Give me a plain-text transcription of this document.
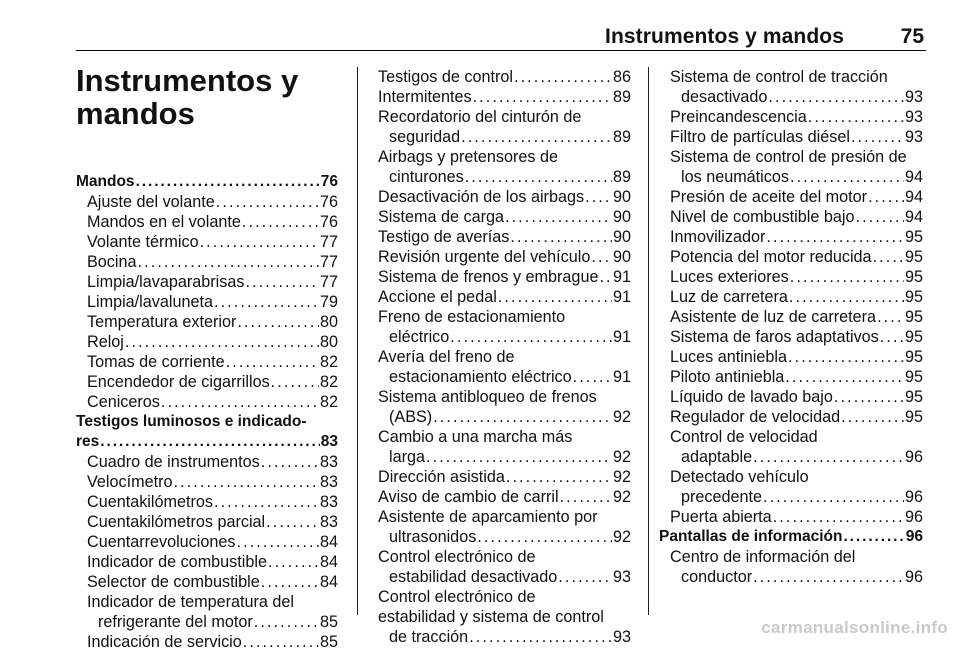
Instrumentos y mandos	75
Instrumentos y
mandos
Mandos . . .	76
Ajuste del volante . . .	76
Mandos en el volante . . .	76
Volante térmico . . .	77
Bocina . . .	77
Limpia/lavaparabrisas . . .	77
Limpia/lavaluneta . . .	79
Temperatura exterior . . .	80
Reloj . . .	80
Tomas de corriente . . .	82
Encendedor de cigarrillos . . .	82
Ceniceros . . .	82
Testigos luminosos e indicado-
res . . .	83
Cuadro de instrumentos . . .	83
Velocímetro . . .	83
Cuentakilómetros . . .	83
Cuentakilómetros parcial . . .	83
Cuentarrevoluciones . . .	84
Indicador de combustible . . .	84
Selector de combustible . . .	84
Indicador de temperatura del
refrigerante del motor . . .	85
Indicación de servicio . . .	85
Testigos de control . . .	86
Intermitentes . . .	89
Recordatorio del cinturón de
seguridad . . .	89
Airbags y pretensores de
cinturones . . .	89
Desactivación de los airbags . . . 90
Sistema de carga . . .	90
Testigo de averías . . .	90
Revisión urgente del vehículo . . . 90
Sistema de frenos y embrague . . . 91
Accione el pedal . . .	91
Freno de estacionamiento
eléctrico . . .	91
Avería del freno de
estacionamiento eléctrico . . .	91
Sistema antibloqueo de frenos
(ABS) . . .	92
Cambio a una marcha más
larga . . .	92
Dirección asistida . . .	92
Aviso de cambio de carril . . .	92
Asistente de aparcamiento por
ultrasonidos . . .	92
Control electrónico de
estabilidad desactivado . . .	93
Control electrónico de
estabilidad y sistema de control
de tracción . . .	93
Sistema de control de tracción
desactivado . . .	93
Preincandescencia . . .	93
Filtro de partículas diésel . . .	93
Sistema de control de presión de
los neumáticos . . .	94
Presión de aceite del motor . . . 94
Nivel de combustible bajo . . .	94
Inmovilizador . . .	95
Potencia del motor reducida . . . 95
Luces exteriores . . .	95
Luz de carretera . . .	95
Asistente de luz de carretera . . . 95
Sistema de faros adaptativos . . . 95
Luces antiniebla . . .	95
Piloto antiniebla . . .	95
Líquido de lavado bajo . . .	95
Regulador de velocidad . . .	95
Control de velocidad
adaptable . . .	96
Detectado vehículo
precedente . . .	96
Puerta abierta . . .	96
Pantallas de información . . .	96
Centro de información del
conductor . . .	96
carmanualsonline.info
